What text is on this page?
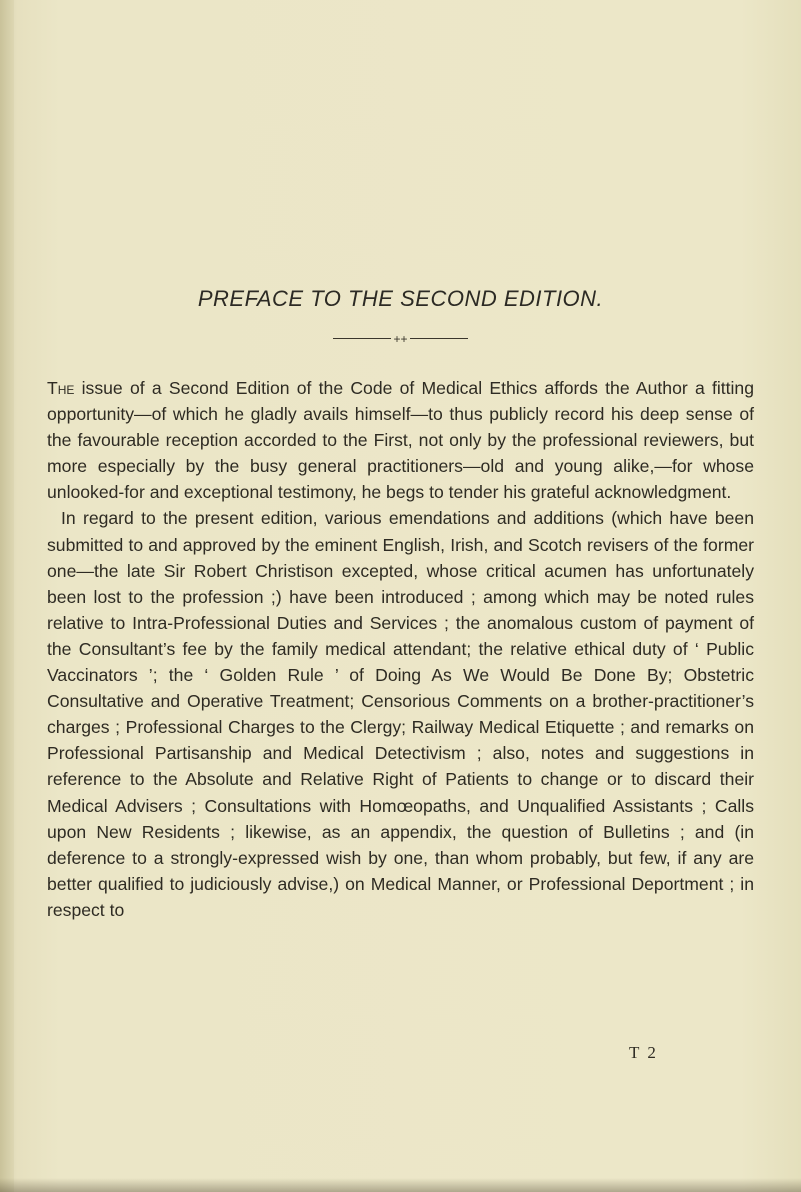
PREFACE TO THE SECOND EDITION.
++

The issue of a Second Edition of the Code of Medical Ethics affords the Author a fitting opportunity—of which he gladly avails himself—to thus publicly record his deep sense of the favourable reception accorded to the First, not only by the professional reviewers, but more especially by the busy general practitioners—old and young alike,—for whose unlooked-for and exceptional testimony, he begs to tender his grateful acknowledgment.

In regard to the present edition, various emendations and additions (which have been submitted to and approved by the eminent English, Irish, and Scotch revisers of the former one—the late Sir Robert Christison excepted, whose critical acumen has unfortunately been lost to the profession ;) have been introduced ; among which may be noted rules relative to Intra-Professional Duties and Services ; the anomalous custom of payment of the Consultant’s fee by the family medical attendant; the relative ethical duty of ‘ Public Vaccinators ’; the ‘ Golden Rule ’ of Doing As We Would Be Done By; Obstetric Consultative and Operative Treatment; Censorious Comments on a brother-practitioner’s charges ; Professional Charges to the Clergy; Railway Medical Etiquette ; and remarks on Professional Partisanship and Medical Detectivism ; also, notes and suggestions in reference to the Absolute and Relative Right of Patients to change or to discard their Medical Advisers ; Consultations with Homœopaths, and Unqualified Assistants ; Calls upon New Residents ; likewise, as an appendix, the question of Bulletins ; and (in deference to a strongly-expressed wish by one, than whom probably, but few, if any are better qualified to judiciously advise,) on Medical Manner, or Professional Deportment ; in respect to

T 2
